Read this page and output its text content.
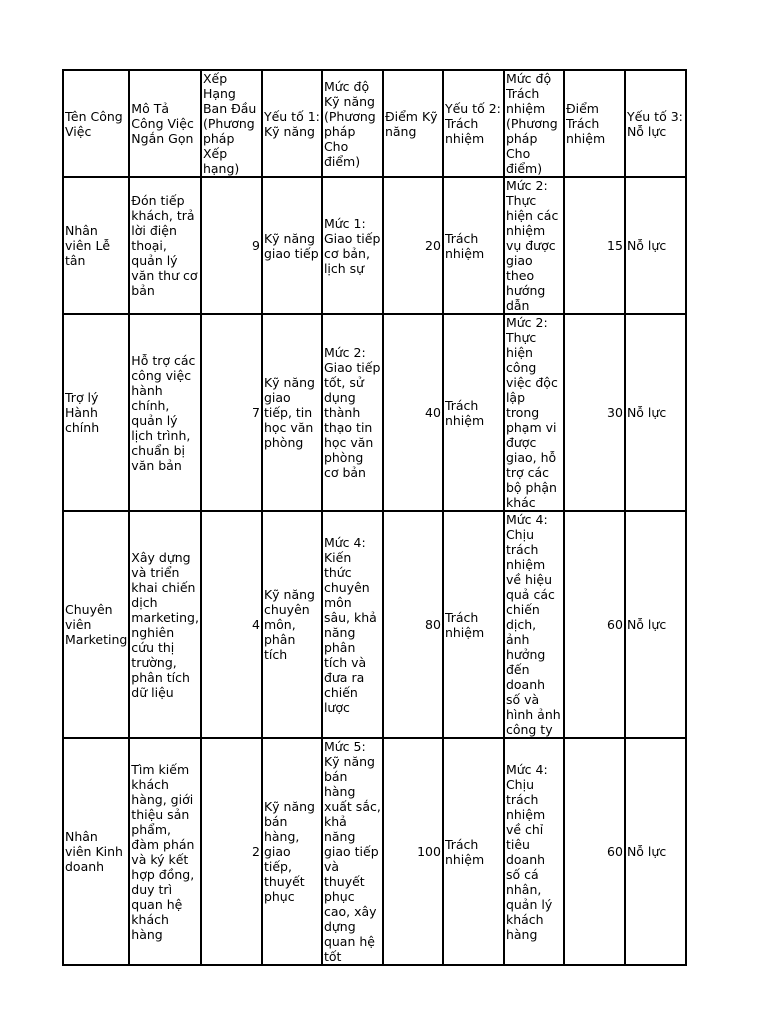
Tên Công Việc	Mô Tả Công Việc Ngắn Gọn	Xếp Hạng Ban Đầu (Phương pháp Xếp hạng)	Yếu tố 1: Kỹ năng	Mức độ Kỹ năng (Phương pháp Cho điểm)	Điểm Kỹ năng	Yếu tố 2: Trách nhiệm	Mức độ Trách nhiệm (Phương pháp Cho điểm)	Điểm Trách nhiệm	Yếu tố 3: Nỗ lực
Nhân viên Lễ tân	Đón tiếp khách, trả lời điện thoại, quản lý văn thư cơ bản	9	Kỹ năng giao tiếp	Mức 1: Giao tiếp cơ bản, lịch sự	20	Trách nhiệm	Mức 2: Thực hiện các nhiệm vụ được giao theo hướng dẫn	15	Nỗ lực
Trợ lý Hành chính	Hỗ trợ các công việc hành chính, quản lý lịch trình, chuẩn bị văn bản	7	Kỹ năng giao tiếp, tin học văn phòng	Mức 2: Giao tiếp tốt, sử dụng thành thạo tin học văn phòng cơ bản	40	Trách nhiệm	Mức 2: Thực hiện công việc độc lập trong phạm vi được giao, hỗ trợ các bộ phận khác	30	Nỗ lực
Chuyên viên Marketing	Xây dựng và triển khai chiến dịch marketing, nghiên cứu thị trường, phân tích dữ liệu	4	Kỹ năng chuyên môn, phân tích	Mức 4: Kiến thức chuyên môn sâu, khả năng phân tích và đưa ra chiến lược	80	Trách nhiệm	Mức 4: Chịu trách nhiệm về hiệu quả các chiến dịch, ảnh hưởng đến doanh số và hình ảnh công ty	60	Nỗ lực
Nhân viên Kinh doanh	Tìm kiếm khách hàng, giới thiệu sản phẩm, đàm phán và ký kết hợp đồng, duy trì quan hệ khách hàng	2	Kỹ năng bán hàng, giao tiếp, thuyết phục	Mức 5: Kỹ năng bán hàng xuất sắc, khả năng giao tiếp và thuyết phục cao, xây dựng quan hệ tốt	100	Trách nhiệm	Mức 4: Chịu trách nhiệm về chỉ tiêu doanh số cá nhân, quản lý khách hàng	60	Nỗ lực
